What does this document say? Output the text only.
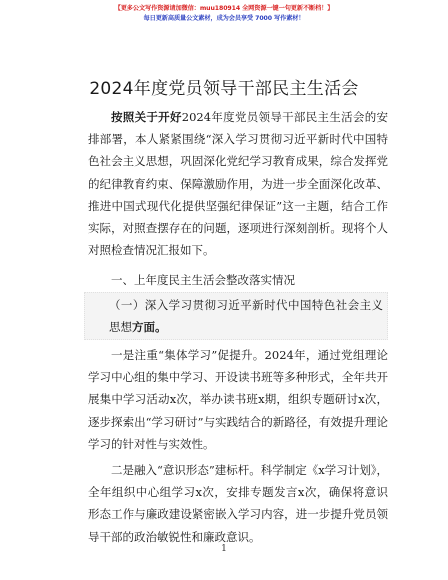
【更多公文写作资源请加微信：muu180914 全网资源一键一句更新不断档！】
每日更新高质量公文素材，成为会员享受 7000 写作素材！
2024年度党员领导干部民主生活会

按照关于开好2024年度党员领导干部民主生活会的安排部署，本人紧紧围绕“深入学习贯彻习近平新时代中国特色社会主义思想，巩固深化党纪学习教育成果，综合发挥党的纪律教育约束、保障激励作用，为进一步全面深化改革、推进中国式现代化提供坚强纪律保证”这一主题，结合工作实际，对照查摆存在的问题，逐项进行深刻剖析。现将个人对照检查情况汇报如下。

一、上年度民主生活会整改落实情况

（一）深入学习贯彻习近平新时代中国特色社会主义思想方面。

一是注重“集体学习”促提升。2024年，通过党组理论学习中心组的集中学习、开设读书班等多种形式，全年共开展集中学习活动x次，举办读书班x期，组织专题研讨x次，逐步探索出“学习研讨”与实践结合的新路径，有效提升理论学习的针对性与实效性。

二是融入“意识形态”建标杆。科学制定《x学习计划》，全年组织中心组学习x次，安排专题发言x次，确保将意识形态工作与廉政建设紧密嵌入学习内容，进一步提升党员领导干部的政治敏锐性和廉政意识。

1
